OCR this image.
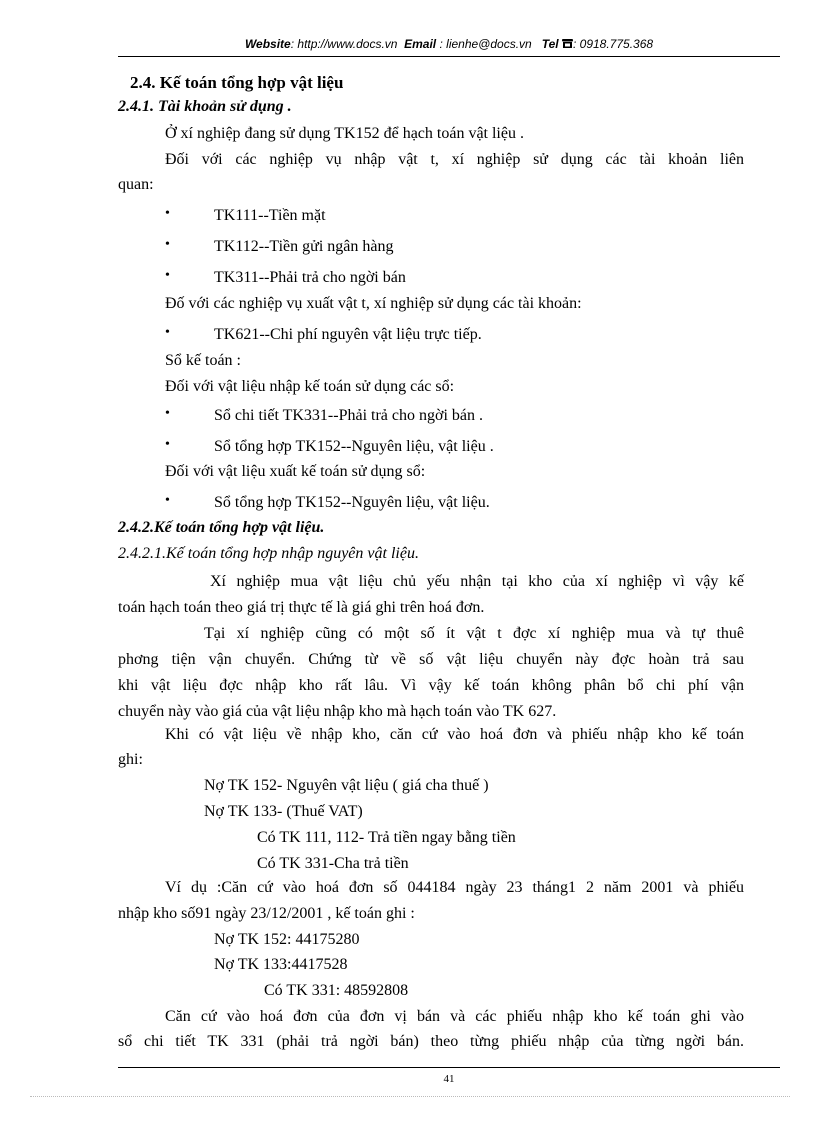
Website: http://www.docs.vn Email : lienhe@docs.vn Tel : 0918.775.368
2.4. Kế toán tổng hợp vật liệu
2.4.1. Tài khoản sử dụng .
Ở xí nghiệp đang sử dụng TK152 để hạch toán vật liệu .
Đối với các nghiệp vụ nhập vật t, xí nghiệp sử dụng các tài khoản liên
quan:
•	TK111--Tiền mặt
•	TK112--Tiền gửi ngân hàng
•	TK311--Phải trả cho ngời bán
Đố với các nghiệp vụ xuất vật t, xí nghiệp sử dụng các tài khoản:
•	TK621--Chi phí nguyên vật liệu trực tiếp.
Sổ kế toán :
Đối với vật liệu nhập kế toán sử dụng các sổ:
•	Sổ chi tiết TK331--Phải trả cho ngời bán .
•	Sổ tổng hợp TK152--Nguyên liệu, vật liệu .
Đối với vật liệu xuất kế toán sử dụng sổ:
•	Sổ tổng hợp TK152--Nguyên liệu, vật liệu.
2.4.2.Kế toán tổng hợp vật liệu.
2.4.2.1.Kế toán tổng hợp nhập nguyên vật liệu.
Xí nghiệp mua vật liệu chủ yếu nhận tại kho của xí nghiệp vì vậy kế
toán hạch toán theo giá trị thực tế là giá ghi trên hoá đơn.
Tại xí nghiệp cũng có một số ít vật t đợc xí nghiệp mua và tự thuê
phơng tiện vận chuyển. Chứng từ về số vật liệu chuyển này đợc hoàn trả sau
khi vật liệu đợc nhập kho rất lâu. Vì vậy kế toán không phân bổ chi phí vận
chuyển này vào giá của vật liệu nhập kho mà hạch toán vào TK 627.
Khi có vật liệu về nhập kho, căn cứ vào hoá đơn và phiếu nhập kho kế toán
ghi:
Nợ TK 152- Nguyên vật liệu ( giá cha thuế )
Nợ TK 133- (Thuế VAT)
Có TK 111, 112- Trả tiền ngay bằng tiền
Có TK 331-Cha trả tiền
Ví dụ :Căn cứ vào hoá đơn số 044184 ngày 23 tháng1 2 năm 2001 và phiếu
nhập kho số91 ngày 23/12/2001 , kế toán ghi :
Nợ TK 152: 44175280
Nợ TK 133:4417528
Có TK 331: 48592808
Căn cứ vào hoá đơn của đơn vị bán và các phiếu nhập kho kế toán ghi vào
sổ chi tiết TK 331 (phải trả ngời bán) theo từng phiếu nhập của từng ngời bán.
41
